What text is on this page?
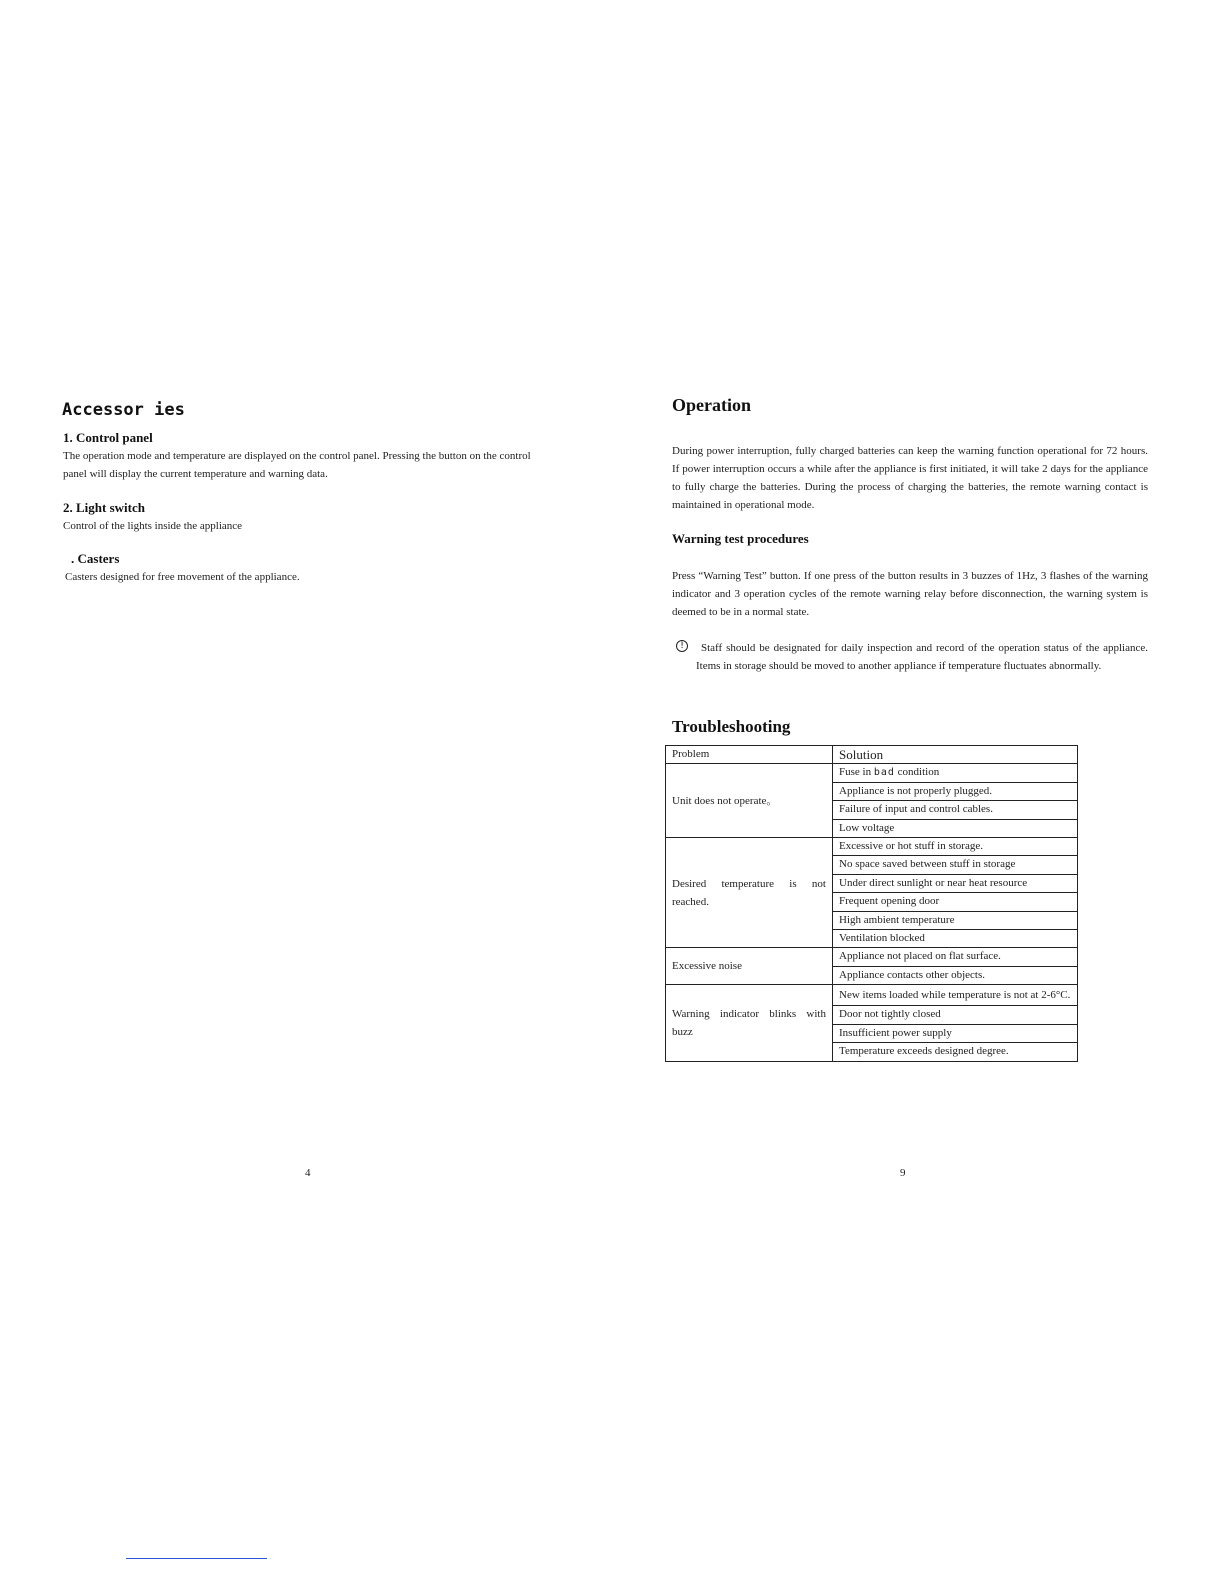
Accessor ies
1. Control panel
The operation mode and temperature are displayed on the control panel. Pressing the button on the control panel will display the current temperature and warning data.
2. Light switch
Control of the lights inside the appliance
. Casters
Casters designed for free movement of the appliance.
4
Operation
During power interruption, fully charged batteries can keep the warning function operational for 72 hours. If power interruption occurs a while after the appliance is first initiated, it will take 2 days for the appliance to fully charge the batteries. During the process of charging the batteries, the remote warning contact is maintained in operational mode.
Warning test procedures
Press “Warning Test” button. If one press of the button results in 3 buzzes of 1Hz, 3 flashes of the warning indicator and 3 operation cycles of the remote warning relay before disconnection, the warning system is deemed to be in a normal state.
!	Staff should be designated for daily inspection and record of the operation status of the appliance. Items in storage should be moved to another appliance if temperature fluctuates abnormally.
Troubleshooting
Problem	Solution
Unit does not operate。	Fuse in bad condition
	Appliance is not properly plugged.
	Failure of input and control cables.
	Low voltage
Desired temperature is not reached.	Excessive or hot stuff in storage.
	No space saved between stuff in storage
	Under direct sunlight or near heat resource
	Frequent opening door
	High ambient temperature
	Ventilation blocked
Excessive noise	Appliance not placed on flat surface.
	Appliance contacts other objects.
Warning indicator blinks with buzz	New items loaded while temperature is not at 2-6°C.
	Door not tightly closed
	Insufficient power supply
	Temperature exceeds designed degree.
9
